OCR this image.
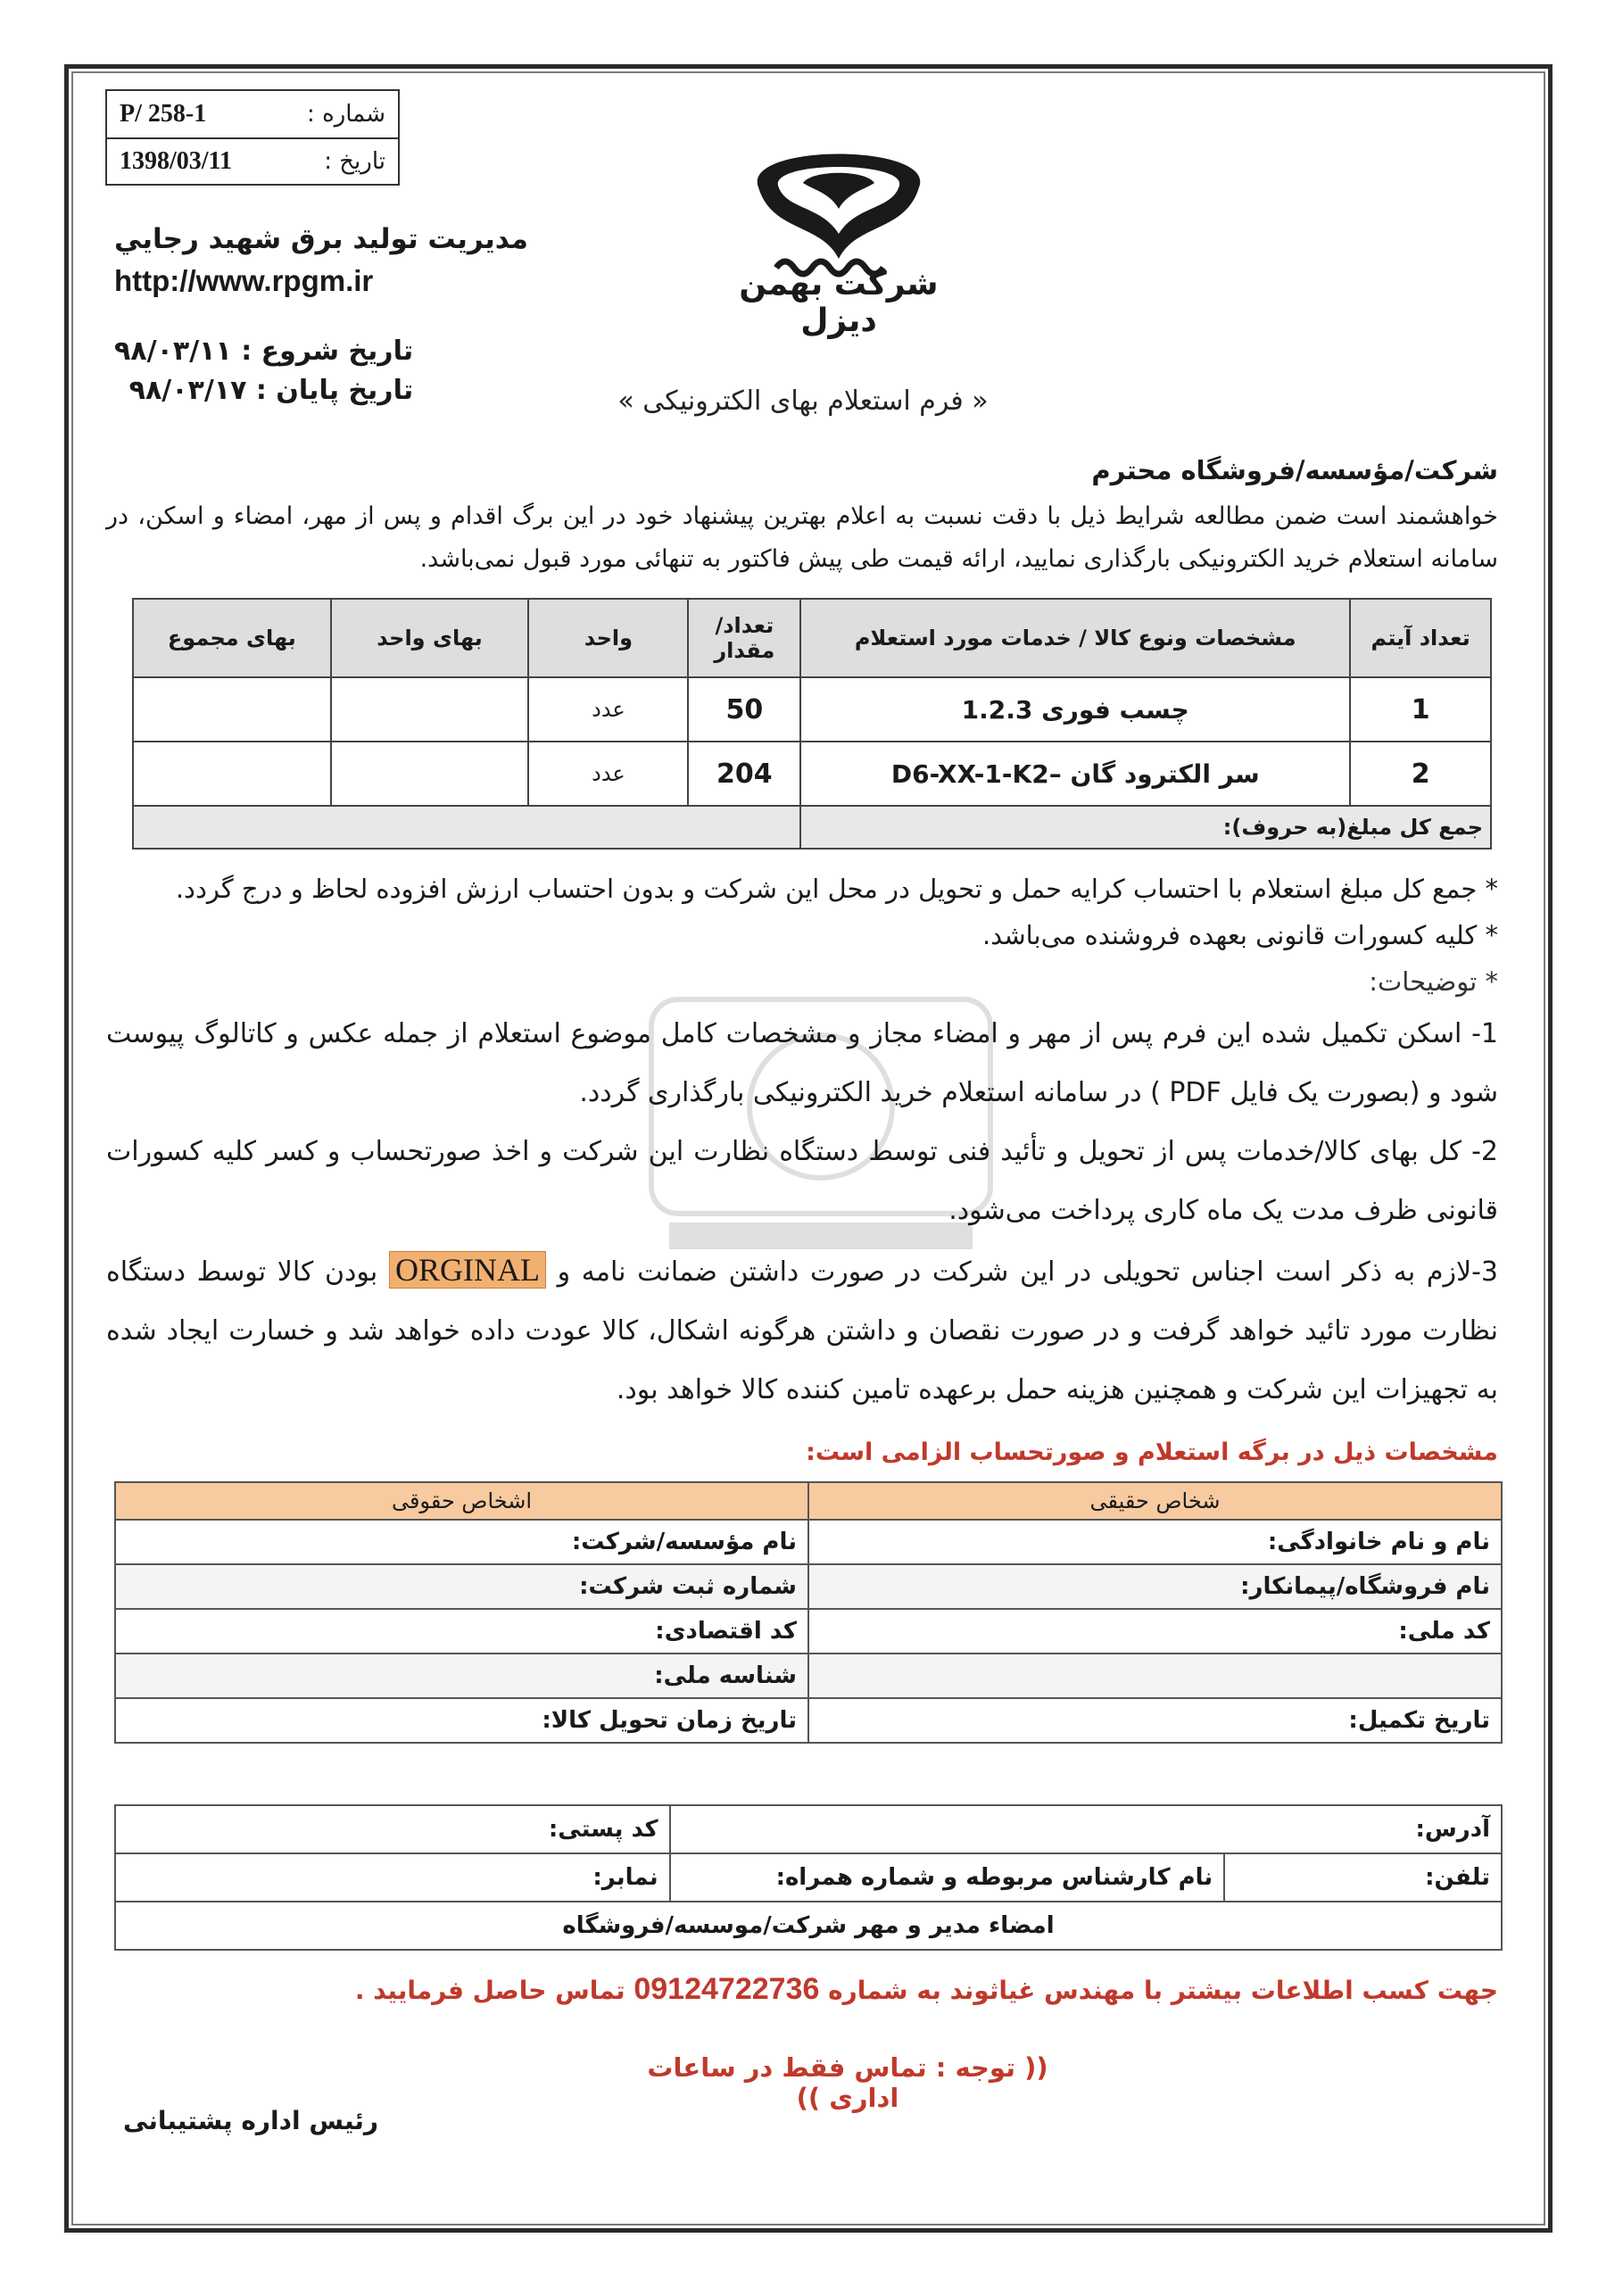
شماره :
P/ 258-1
تاریخ :
1398/03/11
مدیریت تولید برق شهید رجایي
http://www.rpgm.ir
تاريخ شروع : ۹۸/۰۳/۱۱
تاريخ پايان : ۹۸/۰۳/۱۷
شرکت بهمن دیزل
« فرم استعلام بهای الکترونیکی »
شرکت/مؤسسه/فروشگاه محترم
خواهشمند است ضمن مطالعه شرایط ذیل با دقت نسبت به اعلام بهترین پیشنهاد خود در این برگ اقدام و پس از مهر، امضاء و اسکن، در سامانه استعلام خرید الکترونیکی بارگذاری نمایید، ارائه قیمت طی پیش فاکتور به تنهائی مورد قبول نمی‌باشد.
تعداد آیتم	مشخصات ونوع کالا / خدمات مورد استعلام	تعداد/ مقدار	واحد	بهای واحد	بهای مجموع
1	چسب فوری 1.2.3	50	عدد		
2	سر الکترود گان –D6-XX-1-K2	204	عدد		
جمع کل مبلغ(به حروف):					
* جمع کل مبلغ استعلام با احتساب کرایه حمل و تحویل در محل این شرکت و بدون احتساب ارزش افزوده لحاظ و درج گردد.
* کلیه کسورات قانونی بعهده فروشنده می‌باشد.
* توضیحات:
1- اسکن تکمیل شده این فرم پس از مهر و امضاء مجاز و مشخصات کامل موضوع استعلام از جمله عکس و کاتالوگ پیوست شود و (بصورت یک فایل PDF ) در سامانه استعلام خرید الکترونیکی بارگذاری گردد.
2- کل بهای کالا/خدمات پس از تحویل و تأئید فنی توسط دستگاه نظارت این شرکت و اخذ صورتحساب و کسر کلیه کسورات قانونی ظرف مدت یک ماه کاری پرداخت می‌شود.
3-لازم به ذکر است اجناس تحویلی در این شرکت در صورت داشتن ضمانت نامه و ORGINAL بودن کالا توسط دستگاه نظارت مورد تائید خواهد گرفت و در صورت نقصان و داشتن هرگونه اشکال، کالا عودت داده خواهد شد و خسارت ایجاد شده به تجهیزات این شرکت و همچنین هزینه حمل برعهده تامین کننده کالا خواهد بود.
مشخصات ذیل در برگه استعلام و صورتحساب الزامی است:
شخاص حقیقی	اشخاص حقوقی
نام و نام خانوادگی:	نام مؤسسه/شرکت:
نام فروشگاه/پیمانکار:	شماره ثبت شرکت:
کد ملی:	کد اقتصادی:
	شناسه ملی:
تاریخ تکمیل:	تاریخ زمان تحویل کالا:
آدرس:		کد پستی:
تلفن:	نام کارشناس مربوطه و شماره همراه:	نمابر:
امضاء مدیر و مهر شرکت/موسسه/فروشگاه		
جهت کسب اطلاعات بیشتر با مهندس غیاثوند به شماره 09124722736 تماس حاصل فرمایید .
(( توجه : تماس فقط در ساعات اداری ))
رئیس اداره پشتیبانی
